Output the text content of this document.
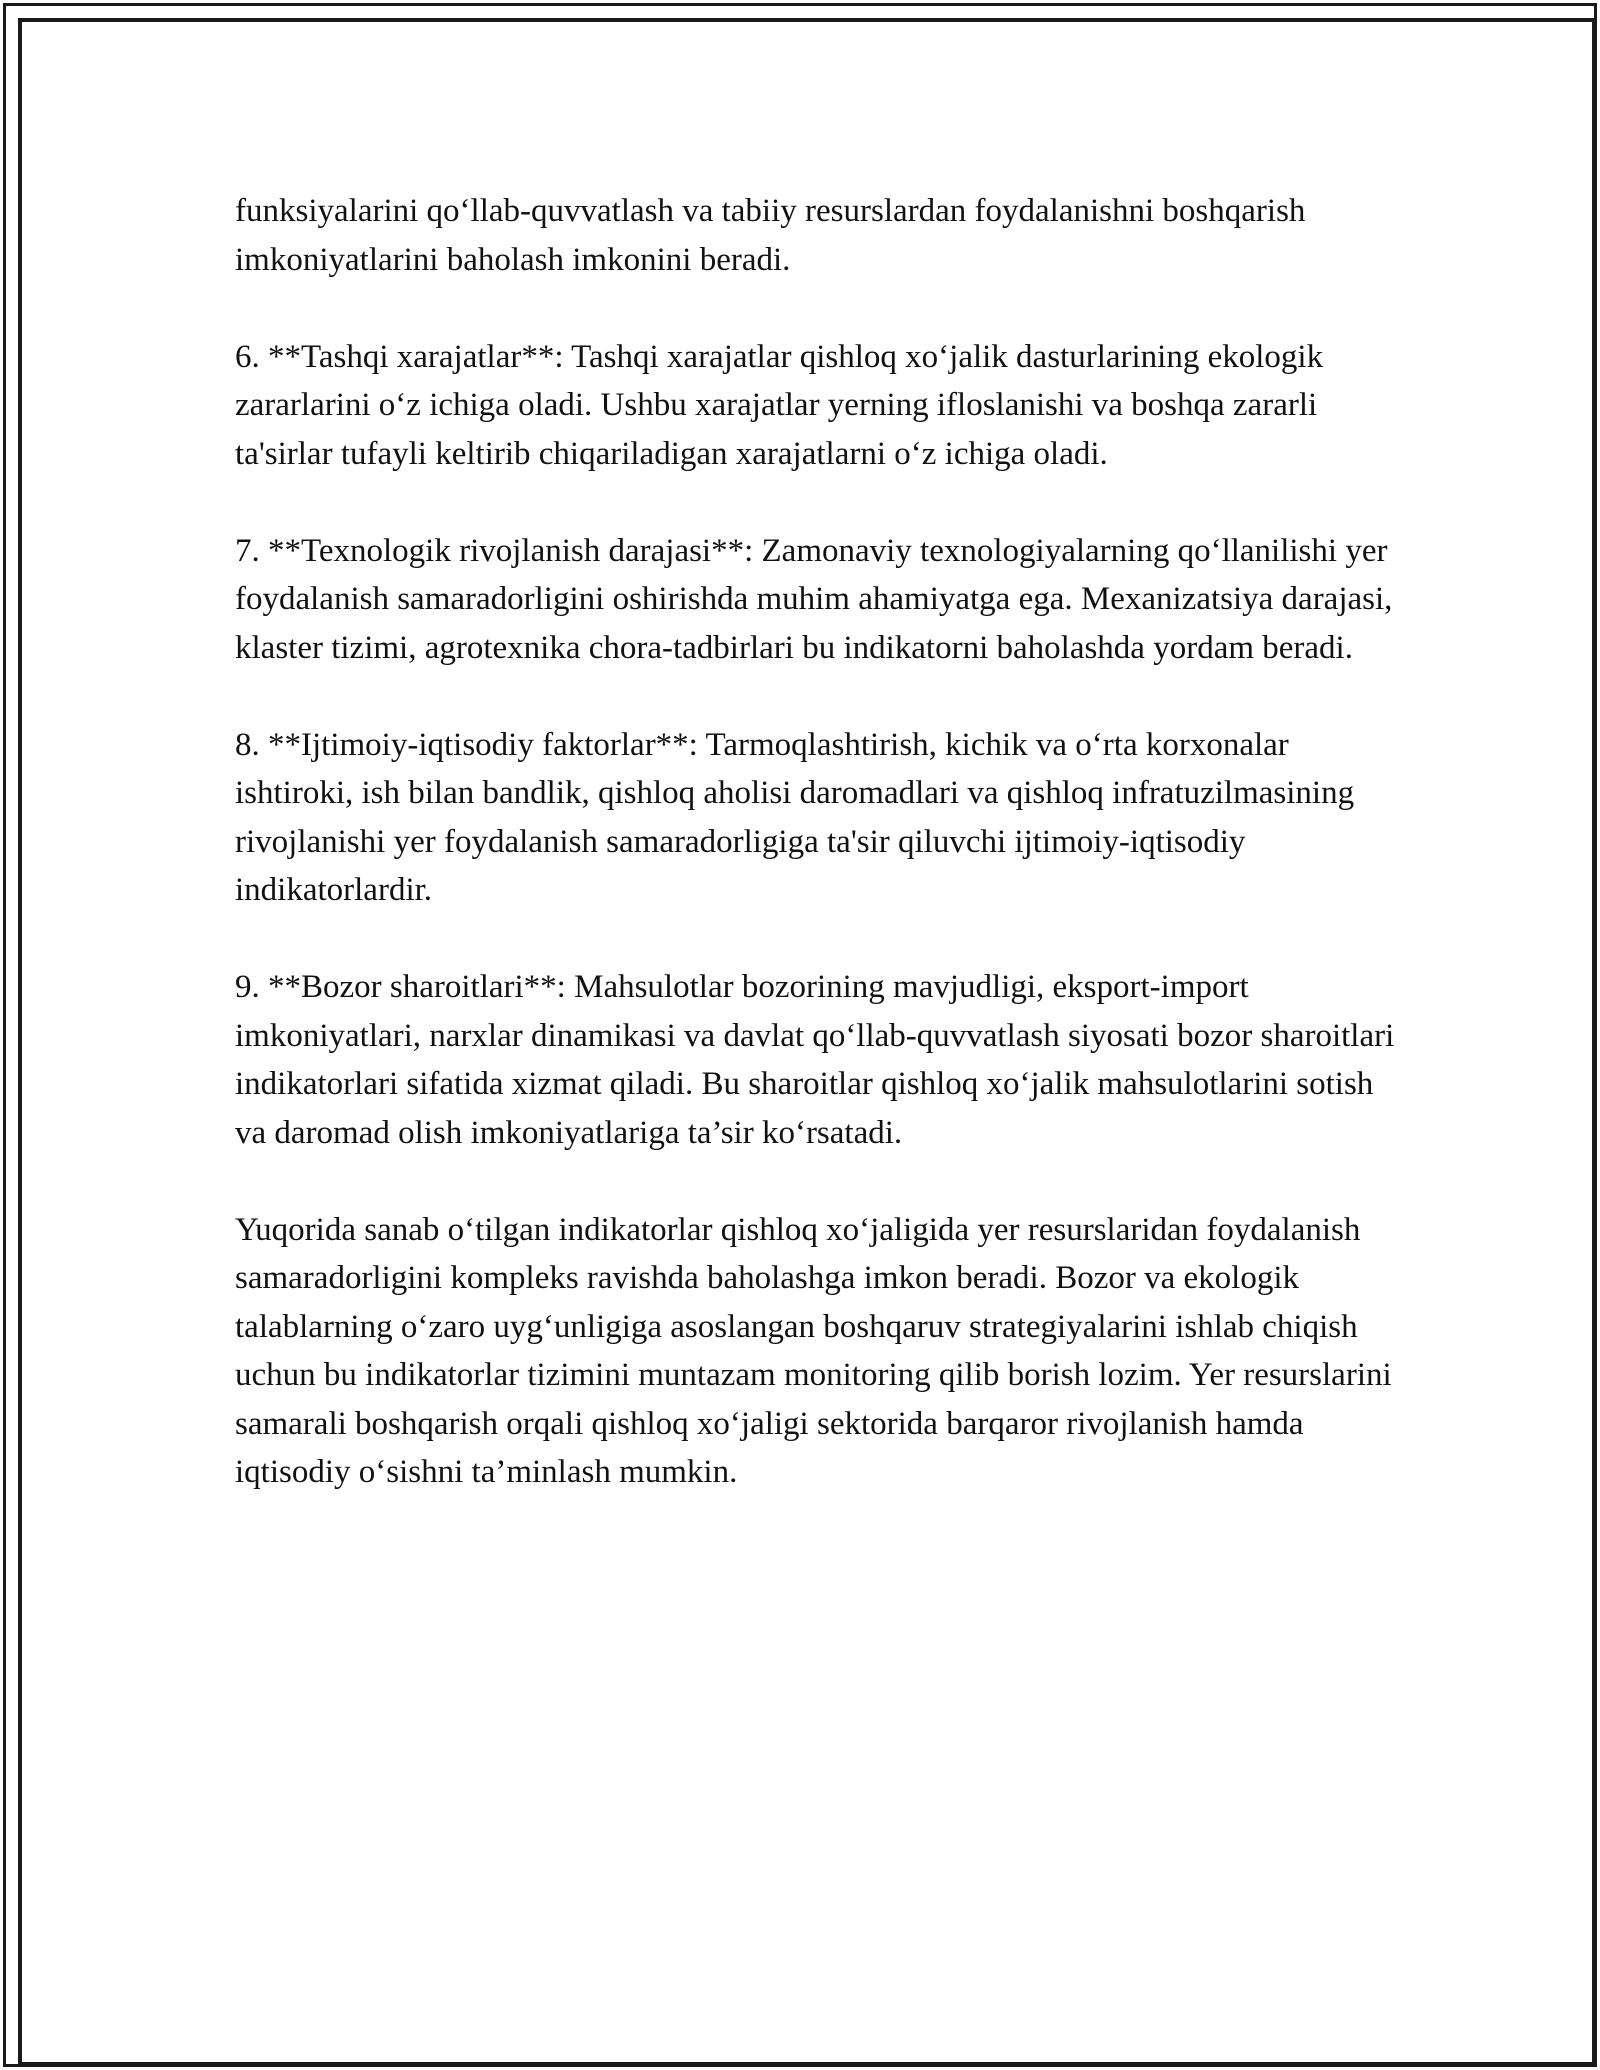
funksiyalarini qo‘llab-quvvatlash va tabiiy resurslardan foydalanishni boshqarish imkoniyatlarini baholash imkonini beradi.

6. **Tashqi xarajatlar**: Tashqi xarajatlar qishloq xo‘jalik dasturlarining ekologik zararlarini o‘z ichiga oladi. Ushbu xarajatlar yerning ifloslanishi va boshqa zararli ta'sirlar tufayli keltirib chiqariladigan xarajatlarni o‘z ichiga oladi.

7. **Texnologik rivojlanish darajasi**: Zamonaviy texnologiyalarning qo‘llanilishi yer foydalanish samaradorligini oshirishda muhim ahamiyatga ega. Mexanizatsiya darajasi, klaster tizimi, agrotexnika chora-tadbirlari bu indikatorni baholashda yordam beradi.

8. **Ijtimoiy-iqtisodiy faktorlar**: Tarmoqlashtirish, kichik va o‘rta korxonalar ishtiroki, ish bilan bandlik, qishloq aholisi daromadlari va qishloq infratuzilmasining rivojlanishi yer foydalanish samaradorligiga ta'sir qiluvchi ijtimoiy-iqtisodiy indikatorlardir.

9. **Bozor sharoitlari**: Mahsulotlar bozorining mavjudligi, eksport-import imkoniyatlari, narxlar dinamikasi va davlat qo‘llab-quvvatlash siyosati bozor sharoitlari indikatorlari sifatida xizmat qiladi. Bu sharoitlar qishloq xo‘jalik mahsulotlarini sotish va daromad olish imkoniyatlariga ta’sir ko‘rsatadi.

Yuqorida sanab o‘tilgan indikatorlar qishloq xo‘jaligida yer resurslaridan foydalanish samaradorligini kompleks ravishda baholashga imkon beradi. Bozor va ekologik talablarning o‘zaro uyg‘unligiga asoslangan boshqaruv strategiyalarini ishlab chiqish uchun bu indikatorlar tizimini muntazam monitoring qilib borish lozim. Yer resurslarini samarali boshqarish orqali qishloq xo‘jaligi sektorida barqaror rivojlanish hamda iqtisodiy o‘sishni ta’minlash mumkin.
